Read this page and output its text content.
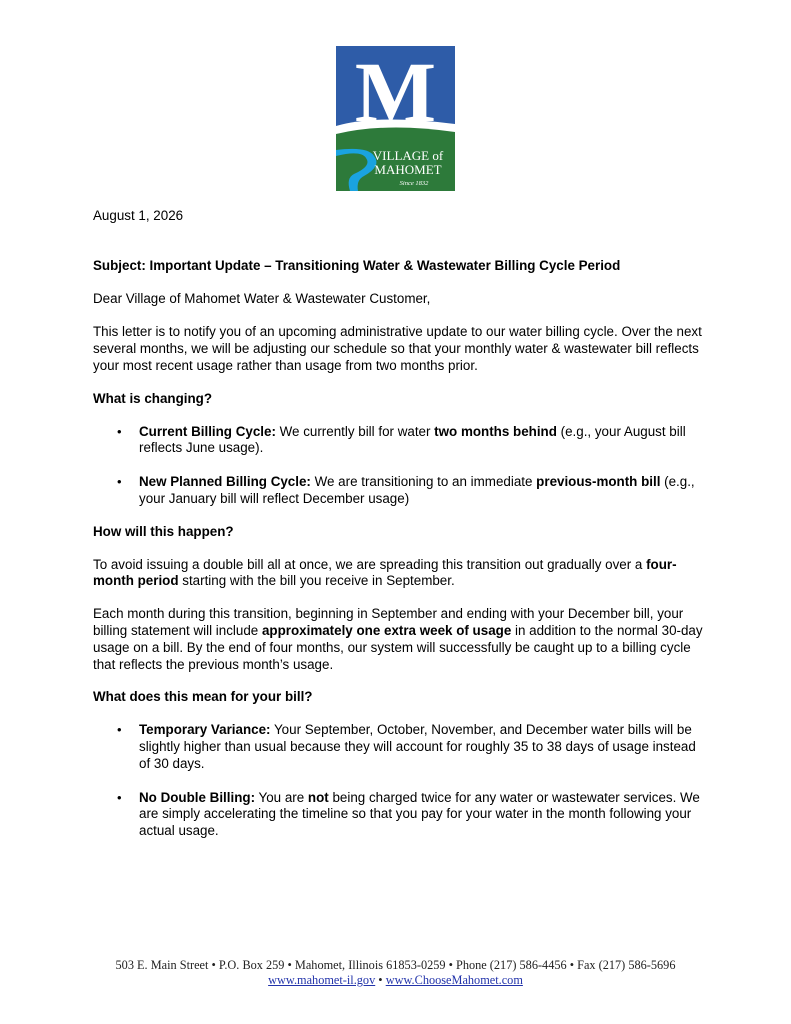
M
VILLAGE of
MAHOMET
Since 1832

August 1, 2026

Subject: Important Update – Transitioning Water & Wastewater Billing Cycle Period

Dear Village of Mahomet Water & Wastewater Customer,

This letter is to notify you of an upcoming administrative update to our water billing cycle. Over the next several months, we will be adjusting our schedule so that your monthly water & wastewater bill reflects your most recent usage rather than usage from two months prior.

What is changing?

• Current Billing Cycle: We currently bill for water two months behind (e.g., your August bill reflects June usage).
• New Planned Billing Cycle: We are transitioning to an immediate previous-month bill (e.g., your January bill will reflect December usage)

How will this happen?

To avoid issuing a double bill all at once, we are spreading this transition out gradually over a four-month period starting with the bill you receive in September.

Each month during this transition, beginning in September and ending with your December bill, your billing statement will include approximately one extra week of usage in addition to the normal 30-day usage on a bill. By the end of four months, our system will successfully be caught up to a billing cycle that reflects the previous month’s usage.

What does this mean for your bill?

• Temporary Variance: Your September, October, November, and December water bills will be slightly higher than usual because they will account for roughly 35 to 38 days of usage instead of 30 days.
• No Double Billing: You are not being charged twice for any water or wastewater services. We are simply accelerating the timeline so that you pay for your water in the month following your actual usage.
503 E. Main Street • P.O. Box 259 • Mahomet, Illinois 61853-0259 • Phone (217) 586-4456 • Fax (217) 586-5696
www.mahomet-il.gov • www.ChooseMahomet.com
